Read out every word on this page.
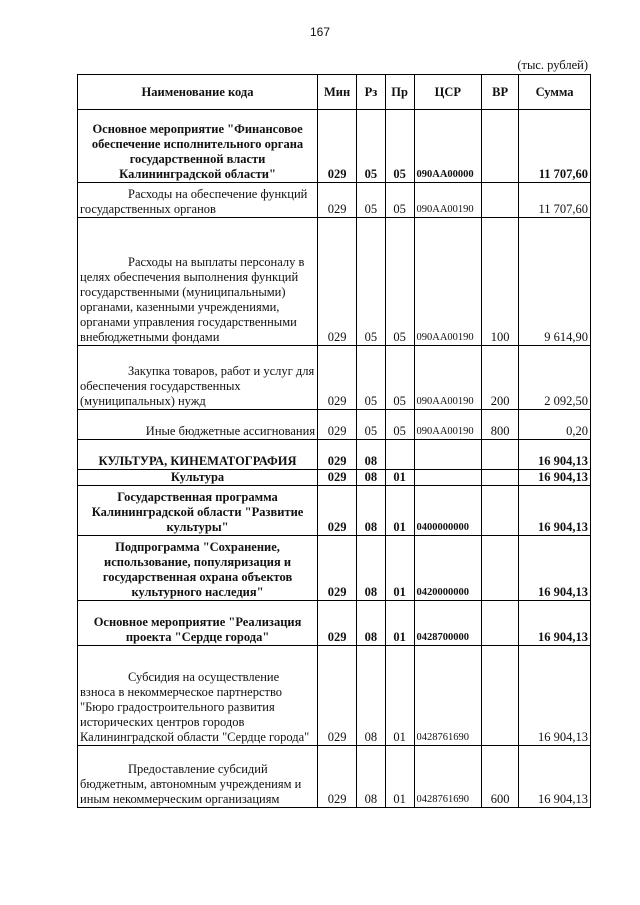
167
(тыс. рублей)
Наименование кода	Мин	Рз	Пр	ЦСР	ВР	Сумма
Основное мероприятие "Финансовое обеспечение исполнительного органа государственной власти Калининградской области"	029	05	05	090АА00000		11 707,60
Расходы на обеспечение функций государственных органов	029	05	05	090АА00190		11 707,60
Расходы на выплаты персоналу в целях обеспечения выполнения функций государственными (муниципальными) органами, казенными учреждениями, органами управления государственными внебюджетными фондами	029	05	05	090АА00190	100	9 614,90
Закупка товаров, работ и услуг для обеспечения государственных (муниципальных) нужд	029	05	05	090АА00190	200	2 092,50
Иные бюджетные ассигнования	029	05	05	090АА00190	800	0,20
КУЛЬТУРА, КИНЕМАТОГРАФИЯ	029	08				16 904,13
Культура	029	08	01			16 904,13
Государственная программа Калининградской области "Развитие культуры"	029	08	01	0400000000		16 904,13
Подпрограмма "Сохранение, использование, популяризация и государственная охрана объектов культурного наследия"	029	08	01	0420000000		16 904,13
Основное мероприятие "Реализация проекта "Сердце города"	029	08	01	0428700000		16 904,13
Субсидия на осуществление взноса в некоммерческое партнерство "Бюро градостроительного развития исторических центров городов Калининградской области "Сердце города"	029	08	01	0428761690		16 904,13
Предоставление субсидий бюджетным, автономным учреждениям и иным некоммерческим организациям	029	08	01	0428761690	600	16 904,13
